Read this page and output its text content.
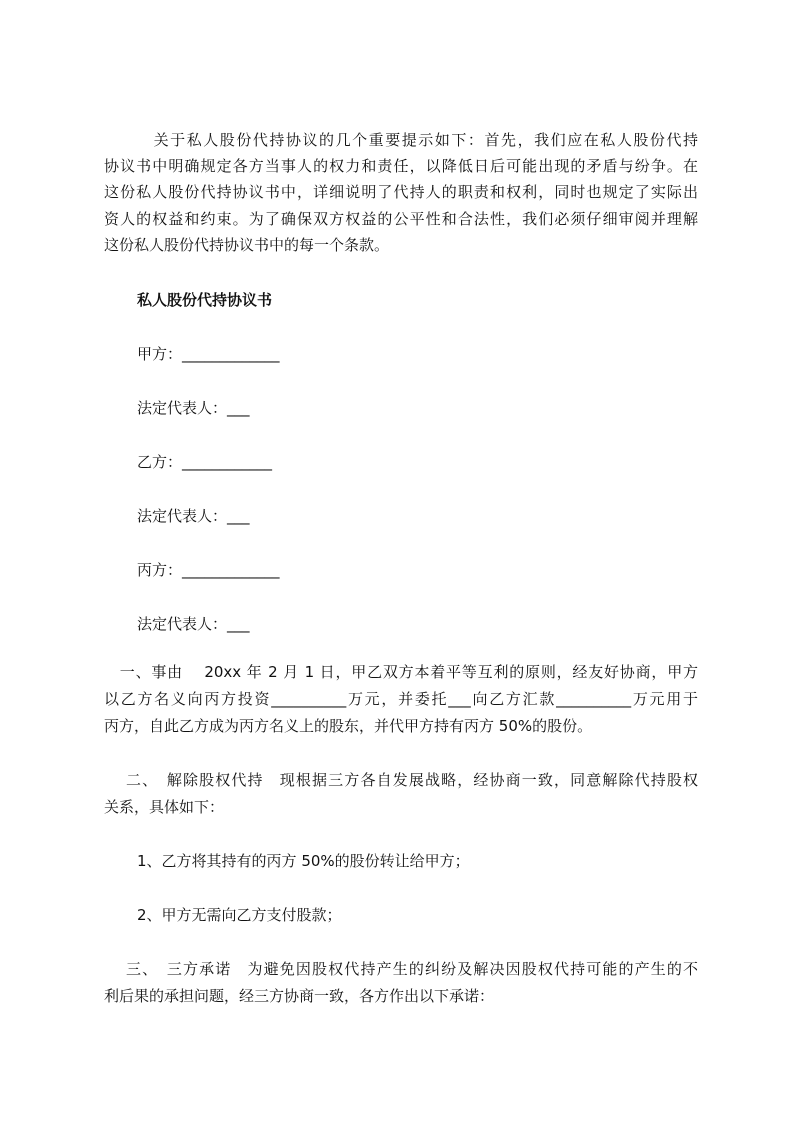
　　　关于私人股份代持协议的几个重要提示如下：首先，我们应在私人股份代持
协议书中明确规定各方当事人的权力和责任，以降低日后可能出现的矛盾与纷争。在
这份私人股份代持协议书中，详细说明了代持人的职责和权利，同时也规定了实际出
资人的权益和约束。为了确保双方权益的公平性和合法性，我们必须仔细审阅并理解
这份私人股份代持协议书中的每一个条款。
私人股份代持协议书
甲方：_____________
法定代表人：___
乙方：____________
法定代表人：___
丙方：_____________
法定代表人：___
　一、事由　 20xx 年 2 月 1 日，甲乙双方本着平等互利的原则，经友好协商，甲方
以乙方名义向丙方投资__________万元，并委托___向乙方汇款__________万元用于
丙方，自此乙方成为丙方名义上的股东，并代甲方持有丙方 50%的股份。
　 二、　解除股权代持　现根据三方各自发展战略，经协商一致，同意解除代持股权
关系，具体如下：
1、乙方将其持有的丙方 50%的股份转让给甲方；
2、甲方无需向乙方支付股款；
　 三、　三方承诺　为避免因股权代持产生的纠纷及解决因股权代持可能的产生的不
利后果的承担问题，经三方协商一致，各方作出以下承诺：
